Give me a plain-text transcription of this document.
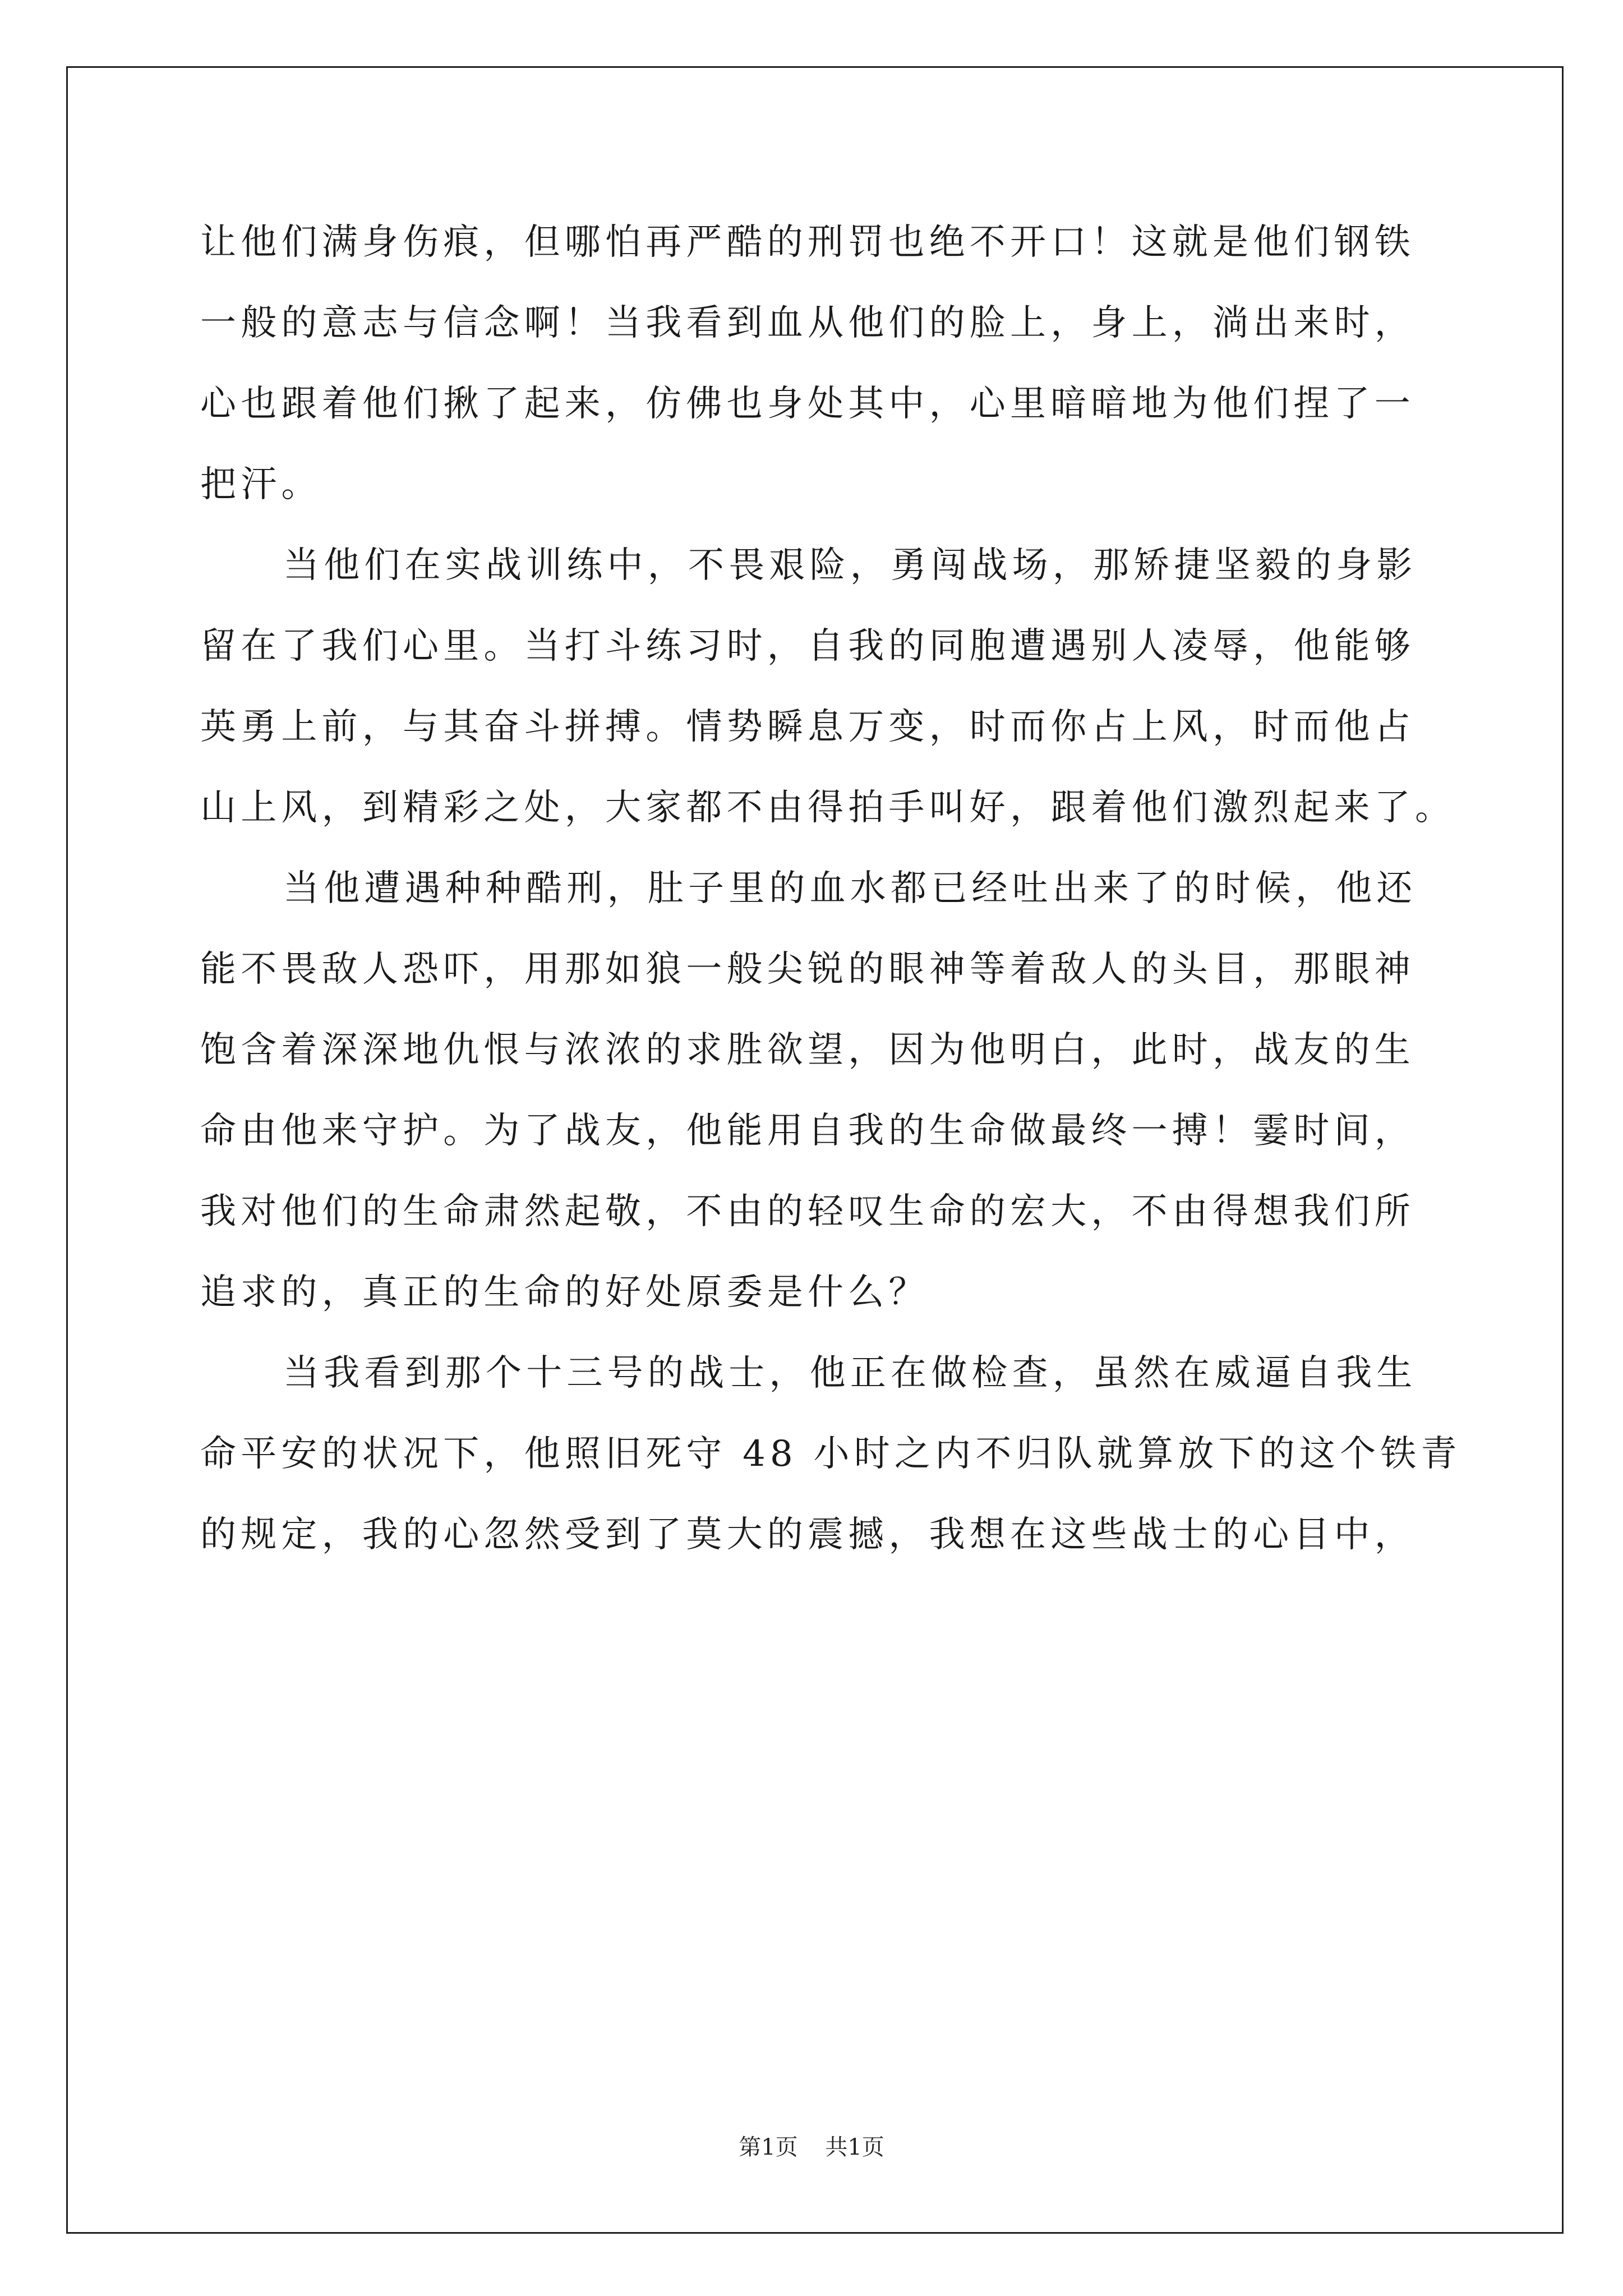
让他们满身伤痕，但哪怕再严酷的刑罚也绝不开口！这就是他们钢铁
一般的意志与信念啊！当我看到血从他们的脸上，身上，淌出来时，
心也跟着他们揪了起来，仿佛也身处其中，心里暗暗地为他们捏了一
把汗。
当他们在实战训练中，不畏艰险，勇闯战场，那矫捷坚毅的身影
留在了我们心里。当打斗练习时，自我的同胞遭遇别人凌辱，他能够
英勇上前，与其奋斗拼搏。情势瞬息万变，时而你占上风，时而他占
山上风，到精彩之处，大家都不由得拍手叫好，跟着他们激烈起来了。
当他遭遇种种酷刑，肚子里的血水都已经吐出来了的时候，他还
能不畏敌人恐吓，用那如狼一般尖锐的眼神等着敌人的头目，那眼神
饱含着深深地仇恨与浓浓的求胜欲望，因为他明白，此时，战友的生
命由他来守护。为了战友，他能用自我的生命做最终一搏！霎时间，
我对他们的生命肃然起敬，不由的轻叹生命的宏大，不由得想我们所
追求的，真正的生命的好处原委是什么？
当我看到那个十三号的战士，他正在做检查，虽然在威逼自我生
命平安的状况下，他照旧死守 48 小时之内不归队就算放下的这个铁青
的规定，我的心忽然受到了莫大的震撼，我想在这些战士的心目中，
第1页 共1页
